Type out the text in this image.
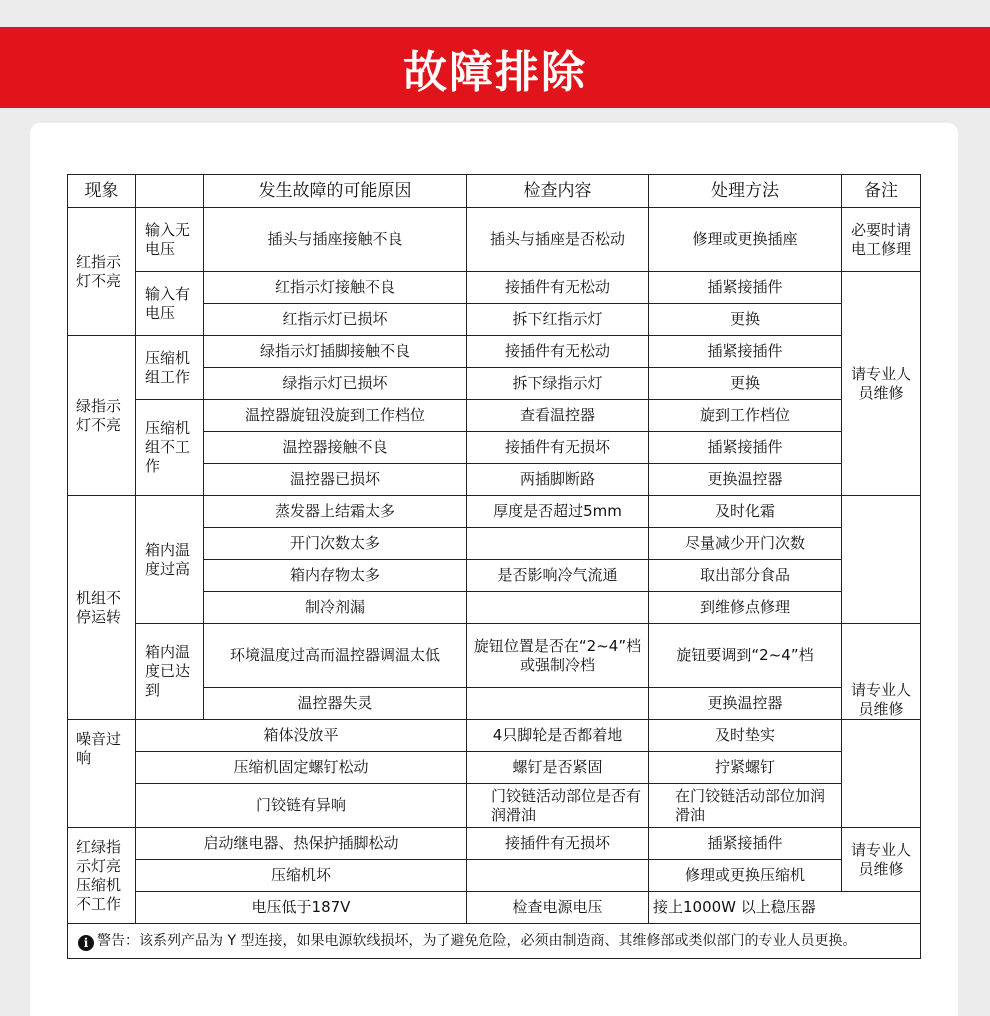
故障排除
现象		发生故障的可能原因	检查内容	处理方法	备注
红指示灯不亮	输入无电压	插头与插座接触不良	插头与插座是否松动	修理或更换插座	必要时请电工修理
	输入有电压	红指示灯接触不良	接插件有无松动	插紧接插件	请专业人员维修
		红指示灯已损坏	拆下红指示灯	更换	
绿指示灯不亮	压缩机组工作	绿指示灯插脚接触不良	接插件有无松动	插紧接插件	
		绿指示灯已损坏	拆下绿指示灯	更换	
	压缩机组不工作	温控器旋钮没旋到工作档位	查看温控器	旋到工作档位	
		温控器接触不良	接插件有无损坏	插紧接插件	
		温控器已损坏	两插脚断路	更换温控器	
机组不停运转	箱内温度过高	蒸发器上结霜太多	厚度是否超过5mm	及时化霜	
		开门次数太多		尽量减少开门次数	
		箱内存物太多	是否影响冷气流通	取出部分食品	
		制冷剂漏		到维修点修理	
	箱内温度已达到	环境温度过高而温控器调温太低	旋钮位置是否在“2~4”档或强制冷档	旋钮要调到“2~4”档	请专业人员维修
		温控器失灵		更换温控器	
噪音过响	箱体没放平		4只脚轮是否都着地	及时垫实	
	压缩机固定螺钉松动		螺钉是否紧固	拧紧螺钉	
	门铰链有异响		门铰链活动部位是否有润滑油	在门铰链活动部位加润滑油	
红绿指示灯亮压缩机不工作	启动继电器、热保护插脚松动		接插件有无损坏	插紧接插件	请专业人员维修
	压缩机坏			修理或更换压缩机	
	电压低于187V		检查电源电压	接上1000W 以上稳压器	
i 警告：该系列产品为 Y 型连接，如果电源软线损坏，为了避免危险，必须由制造商、其维修部或类似部门的专业人员更换。					
